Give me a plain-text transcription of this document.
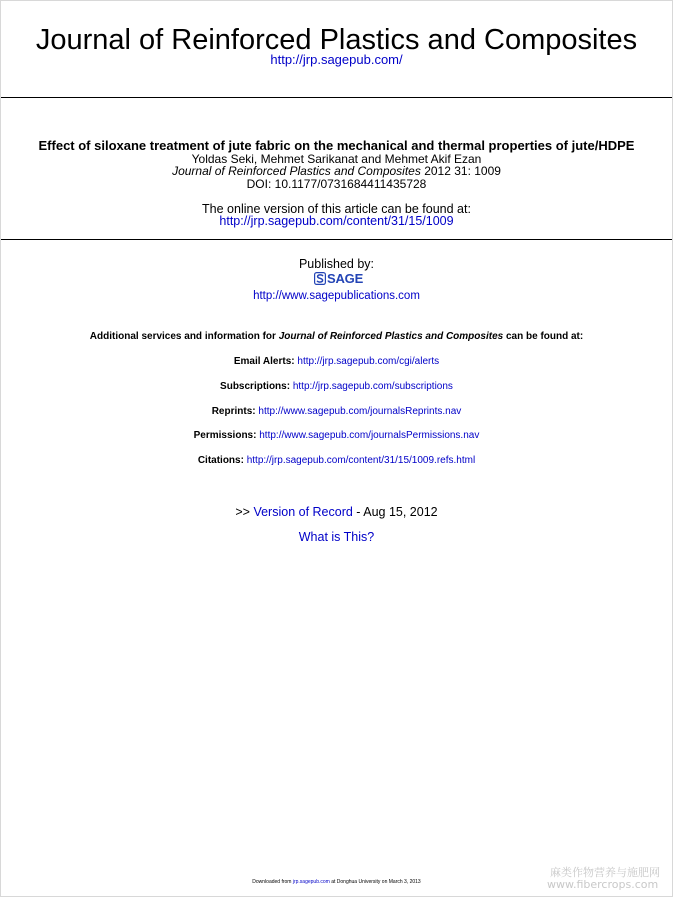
Journal of Reinforced Plastics and Composites
http://jrp.sagepub.com/
Effect of siloxane treatment of jute fabric on the mechanical and thermal properties of jute/HDPE
Yoldas Seki, Mehmet Sarikanat and Mehmet Akif Ezan
Journal of Reinforced Plastics and Composites 2012 31: 1009
DOI: 10.1177/0731684411435728
The online version of this article can be found at:
http://jrp.sagepub.com/content/31/15/1009
Published by:
SAGE
http://www.sagepublications.com
Additional services and information for Journal of Reinforced Plastics and Composites can be found at:
Email Alerts: http://jrp.sagepub.com/cgi/alerts
Subscriptions: http://jrp.sagepub.com/subscriptions
Reprints: http://www.sagepub.com/journalsReprints.nav
Permissions: http://www.sagepub.com/journalsPermissions.nav
Citations: http://jrp.sagepub.com/content/31/15/1009.refs.html
>> Version of Record - Aug 15, 2012
What is This?
Downloaded from jrp.sagepub.com at Donghua University on March 3, 2013
麻类作物营养与施肥网
www.fibercrops.com
